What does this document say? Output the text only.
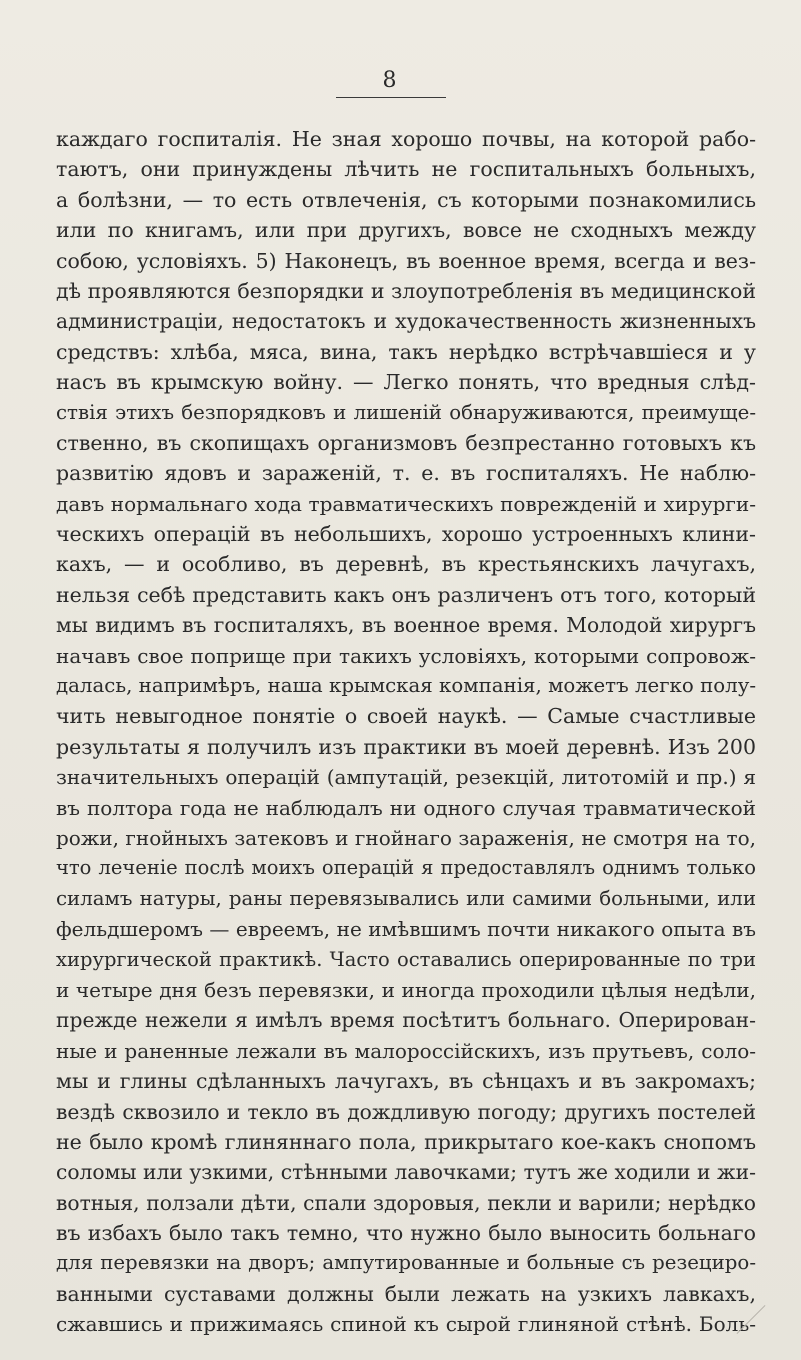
8
каждаго госпиталія. Не зная хорошо почвы, на которой рабо-
таютъ, они принуждены лѣчить не госпитальныхъ больныхъ,
а болѣзни, — то есть отвлеченія, съ которыми познакомились
или по книгамъ, или при другихъ, вовсе не сходныхъ между
собою, условіяхъ. 5) Наконецъ, въ военное время, всегда и вез-
дѣ проявляются безпорядки и злоупотребленія въ медицинской
администраціи, недостатокъ и худокачественность жизненныхъ
средствъ: хлѣба, мяса, вина, такъ нерѣдко встрѣчавшіеся и у
насъ въ крымскую войну. — Легко понять, что вредныя слѣд-
ствія этихъ безпорядковъ и лишеній обнаруживаются, преимуще-
ственно, въ скопищахъ организмовъ безпрестанно готовыхъ къ
развитію ядовъ и зараженій, т. е. въ госпиталяхъ. Не наблю-
давъ нормальнаго хода травматическихъ поврежденій и хирурги-
ческихъ операцій въ небольшихъ, хорошо устроенныхъ клини-
кахъ, — и особливо, въ деревнѣ, въ крестьянскихъ лачугахъ,
нельзя себѣ представить какъ онъ различенъ отъ того, который
мы видимъ въ госпиталяхъ, въ военное время. Молодой хирургъ
начавъ свое поприще при такихъ условіяхъ, которыми сопровож-
далась, напримѣръ, наша крымская компанія, можетъ легко полу-
чить невыгодное понятіе о своей наукѣ. — Самые счастливые
результаты я получилъ изъ практики въ моей деревнѣ. Изъ 200
значительныхъ операцій (ампутацій, резекцій, литотомій и пр.) я
въ полтора года не наблюдалъ ни одного случая травматической
рожи, гнойныхъ затековъ и гнойнаго зараженія, не смотря на то,
что леченіе послѣ моихъ операцій я предоставлялъ однимъ только
силамъ натуры, раны перевязывались или самими больными, или
фельдшеромъ — евреемъ, не имѣвшимъ почти никакого опыта въ
хирургической практикѣ. Часто оставались оперированные по три
и четыре дня безъ перевязки, и иногда проходили цѣлыя недѣли,
прежде нежели я имѣлъ время посѣтитъ больнаго. Оперирован-
ные и раненные лежали въ малороссійскихъ, изъ прутьевъ, соло-
мы и глины сдѣланныхъ лачугахъ, въ сѣнцахъ и въ закромахъ;
вездѣ сквозило и текло въ дождливую погоду; другихъ постелей
не было кромѣ глиняннаго пола, прикрытаго кое-какъ снопомъ
соломы или узкими, стѣнными лавочками; тутъ же ходили и жи-
вотныя, ползали дѣти, спали здоровыя, пекли и варили; нерѣдко
въ избахъ было такъ темно, что нужно было выносить больнаго
для перевязки на дворъ; ампутированные и больные съ резециро-
ванными суставами должны были лежать на узкихъ лавкахъ,
сжавшись и прижимаясь спиной къ сырой глиняной стѣнѣ. Боль-
